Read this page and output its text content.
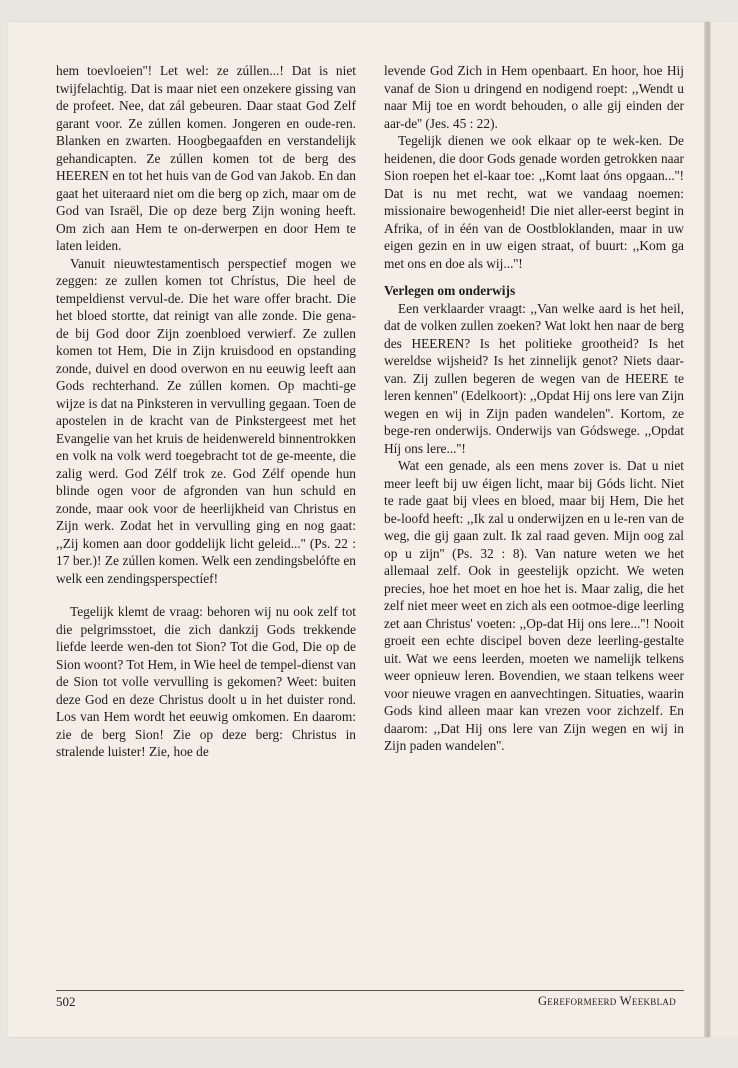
hem toevloeien''! Let wel: ze zúllen...! Dat is niet twijfelachtig. Dat is maar niet een onzekere gissing van de profeet. Nee, dat zál gebeuren. Daar staat God Zelf garant voor. Ze zúllen komen. Jongeren en oude-ren. Blanken en zwarten. Hoogbegaafden en verstandelijk gehandicapten. Ze zúllen komen tot de berg des HEEREN en tot het huis van de God van Jakob. En dan gaat het uiteraard niet om die berg op zich, maar om de God van Israël, Die op deze berg Zijn woning heeft. Om zich aan Hem te on-derwerpen en door Hem te laten leiden.

Vanuit nieuwtestamentisch perspectief mogen we zeggen: ze zullen komen tot Chrístus, Die heel de tempeldienst vervul-de. Die het ware offer bracht. Die het bloed stortte, dat reinigt van alle zonde. Die gena-de bij God door Zijn zoenbloed verwierf. Ze zullen komen tot Hem, Die in Zijn kruisdood en opstanding zonde, duivel en dood overwon en nu eeuwig leeft aan Gods rechterhand. Ze zúllen komen. Op machti-ge wijze is dat na Pinksteren in vervulling gegaan. Toen de apostelen in de kracht van de Pinkstergeest met het Evangelie van het kruis de heidenwereld binnentrokken en volk na volk werd toegebracht tot de ge-meente, die zalig werd. God Zélf trok ze. God Zélf opende hun blinde ogen voor de afgronden van hun schuld en zonde, maar ook voor de heerlijkheid van Christus en Zijn werk. Zodat het in vervulling ging en nog gaat: ,,Zij komen aan door goddelijk licht geleid...'' (Ps. 22 : 17 ber.)! Ze zúllen komen. Welk een zendingsbelófte en welk een zendingsperspectíef!

Tegelijk klemt de vraag: behoren wij nu ook zelf tot die pelgrimsstoet, die zich dankzij Gods trekkende liefde leerde wen-den tot Sion? Tot die God, Die op de Sion woont? Tot Hem, in Wie heel de tempel-dienst van de Sion tot volle vervulling is gekomen? Weet: buiten deze God en deze Christus doolt u in het duister rond. Los van Hem wordt het eeuwig omkomen. En daarom: zie de berg Sion! Zie op deze berg: Christus in stralende luister! Zie, hoe de

levende God Zich in Hem openbaart. En hoor, hoe Hij vanaf de Sion u dringend en nodigend roept: ,,Wendt u naar Mij toe en wordt behouden, o alle gij einden der aar-de'' (Jes. 45 : 22).

Tegelijk dienen we ook elkaar op te wek-ken. De heidenen, die door Gods genade worden getrokken naar Sion roepen het el-kaar toe: ,,Komt laat óns opgaan...''! Dat is nu met recht, wat we vandaag noemen: missionaire bewogenheid! Die niet aller-eerst begint in Afrika, of in één van de Oostbloklanden, maar in uw eigen gezin en in uw eigen straat, of buurt: ,,Kom ga met ons en doe als wij...''!

Verlegen om onderwijs

Een verklaarder vraagt: ,,Van welke aard is het heil, dat de volken zullen zoeken? Wat lokt hen naar de berg des HEEREN? Is het politieke grootheid? Is het wereldse wijsheid? Is het zinnelijk genot? Niets daar-van. Zij zullen begeren de wegen van de HEERE te leren kennen'' (Edelkoort): ,,Opdat Hij ons lere van Zijn wegen en wij in Zijn paden wandelen''. Kortom, ze bege-ren onderwijs. Onderwijs van Gódswege. ,,Opdat Híj ons lere...''!

Wat een genade, als een mens zover is. Dat u niet meer leeft bij uw éigen licht, maar bij Góds licht. Niet te rade gaat bij vlees en bloed, maar bij Hem, Die het be-loofd heeft: ,,Ik zal u onderwijzen en u le-ren van de weg, die gij gaan zult. Ik zal raad geven. Mijn oog zal op u zijn'' (Ps. 32 : 8). Van nature weten we het allemaal zelf. Ook in geestelijk opzicht. We weten precies, hoe het moet en hoe het is. Maar zalig, die het zelf niet meer weet en zich als een ootmoe-dige leerling zet aan Christus' voeten: ,,Op-dat Hij ons lere...''! Nooit groeit een echte discipel boven deze leerling-gestalte uit. Wat we eens leerden, moeten we namelijk telkens weer opnieuw leren. Bovendien, we staan telkens weer voor nieuwe vragen en aanvechtingen. Situaties, waarin Gods kind alleen maar kan vrezen voor zichzelf. En daarom: ,,Dat Hij ons lere van Zijn wegen en wij in Zijn paden wandelen''.

502	Gereformeerd Weekblad
